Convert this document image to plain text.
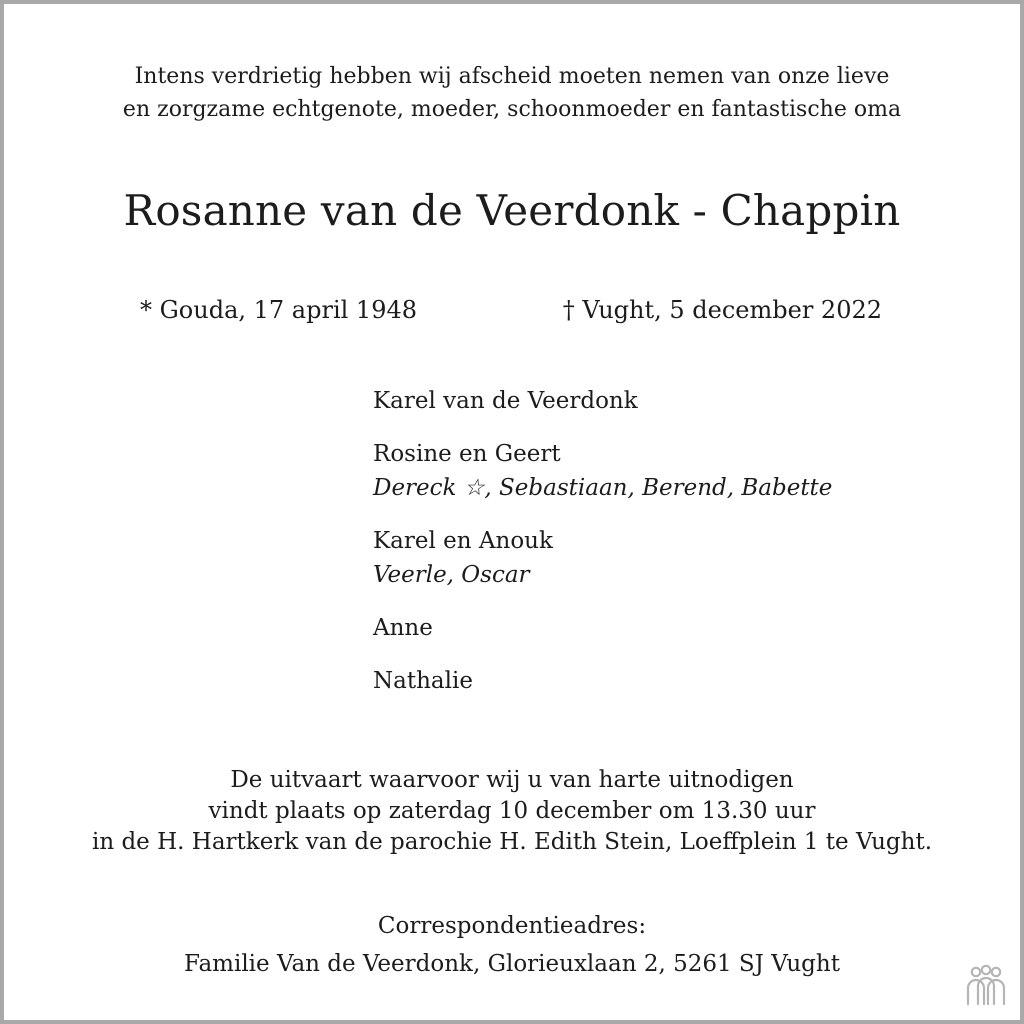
Intens verdrietig hebben wij afscheid moeten nemen van onze lieve
en zorgzame echtgenote, moeder, schoonmoeder en fantastische oma
Rosanne van de Veerdonk - Chappin
* Gouda, 17 april 1948	† Vught, 5 december 2022
Karel van de Veerdonk
Rosine en Geert
Dereck ☆, Sebastiaan, Berend, Babette
Karel en Anouk
Veerle, Oscar
Anne
Nathalie
De uitvaart waarvoor wij u van harte uitnodigen
vindt plaats op zaterdag 10 december om 13.30 uur
in de H. Hartkerk van de parochie H. Edith Stein, Loeffplein 1 te Vught.
Correspondentieadres:
Familie Van de Veerdonk, Glorieuxlaan 2, 5261 SJ Vught
